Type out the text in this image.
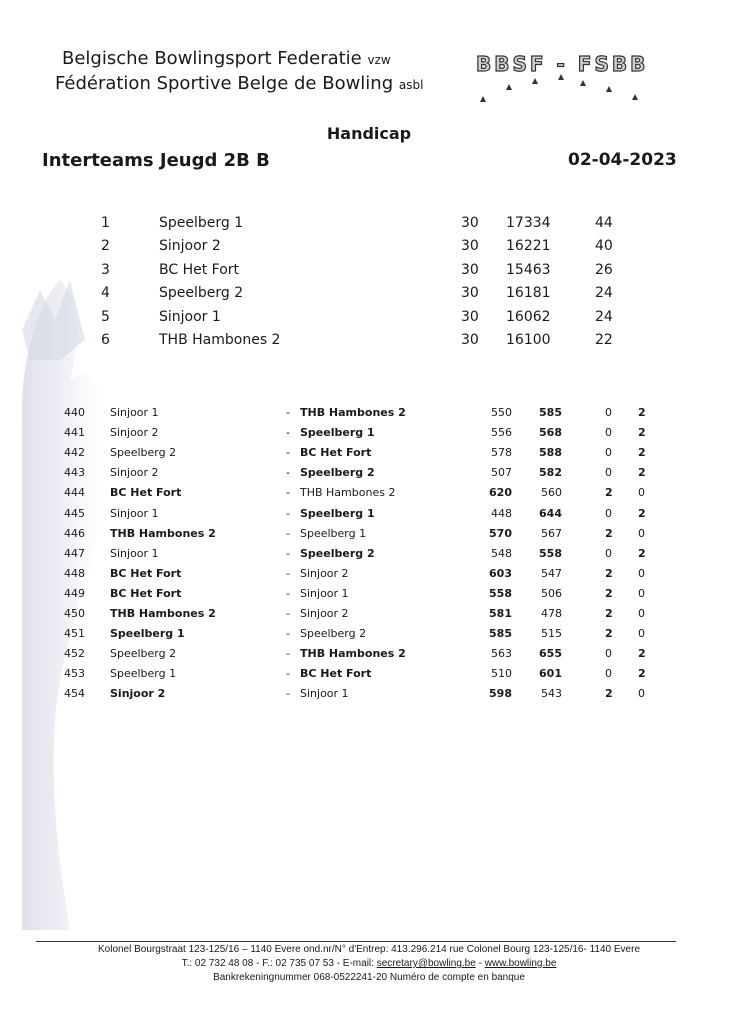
Belgische Bowlingsport Federatie vzw
Fédération Sportive Belge de Bowling asbl
BBSF - FSBB
Handicap
Interteams Jeugd 2B B	02-04-2023
1	Speelberg 1	30 17334	44
2	Sinjoor 2	30 16221	40
3	BC Het Fort	30 15463	26
4	Speelberg 2	30 16181	24
5	Sinjoor 1	30 16062	24
6	THB Hambones 2	30 16100	22
440 Sinjoor 1	- THB Hambones 2	550 585	0 2
441 Sinjoor 2	- Speelberg 1	556 568	0 2
442 Speelberg 2	- BC Het Fort	578 588	0 2
443 Sinjoor 2	- Speelberg 2	507 582	0 2
444 BC Het Fort	- THB Hambones 2	620	560	2 0
445 Sinjoor 1	- Speelberg 1	448 644	0 2
446 THB Hambones 2	- Speelberg 1	570	567	2 0
447 Sinjoor 1	- Speelberg 2	548 558	0 2
448 BC Het Fort	- Sinjoor 2	603	547	2 0
449 BC Het Fort	- Sinjoor 1	558	506	2 0
450 THB Hambones 2	- Sinjoor 2	581	478	2 0
451 Speelberg 1	- Speelberg 2	585	515	2 0
452 Speelberg 2	- THB Hambones 2	563 655	0 2
453 Speelberg 1	- BC Het Fort	510 601	0 2
454 Sinjoor 2	- Sinjoor 1	598	543	2 0
Kolonel Bourgstraat 123-125/16 – 1140 Evere ond.nr/N° d'Entrep: 413.296.214 rue Colonel Bourg 123-125/16- 1140 Evere
T.: 02 732 48 08 - F.: 02 735 07 53 - E-mail: secretary@bowling.be - www.bowling.be
Bankrekeningnummer 068-0522241-20 Numéro de compte en banque
